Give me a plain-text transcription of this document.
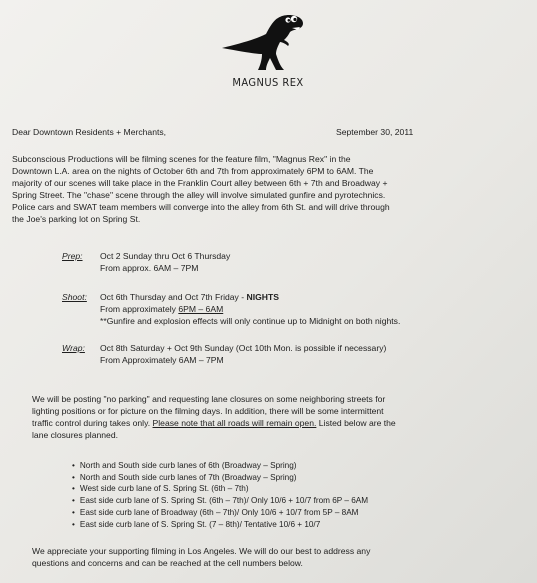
MAGNUS REX
Dear Downtown Residents + Merchants,	September 30, 2011
Subconscious Productions will be filming scenes for the feature film, "Magnus Rex" in the
Downtown L.A. area on the nights of October 6th and 7th from approximately 6PM to 6AM. The
majority of our scenes will take place in the Franklin Court alley between 6th + 7th and Broadway +
Spring Street. The "chase" scene through the alley will involve simulated gunfire and pyrotechnics.
Police cars and SWAT team members will converge into the alley from 6th St. and will drive through
the Joe's parking lot on Spring St.
Prep: Oct 2 Sunday thru Oct 6 Thursday
From approx. 6AM – 7PM
Shoot: Oct 6th Thursday and Oct 7th Friday - NIGHTS
From approximately 6PM – 6AM
**Gunfire and explosion effects will only continue up to Midnight on both nights.
Wrap: Oct 8th Saturday + Oct 9th Sunday (Oct 10th Mon. is possible if necessary)
From Approximately 6AM – 7PM
We will be posting "no parking" and requesting lane closures on some neighboring streets for
lighting positions or for picture on the filming days. In addition, there will be some intermittent
traffic control during takes only. Please note that all roads will remain open. Listed below are the
lane closures planned.
• North and South side curb lanes of 6th (Broadway – Spring)
• North and South side curb lanes of 7th (Broadway – Spring)
• West side curb lane of S. Spring St. (6th – 7th)
• East side curb lane of S. Spring St. (6th – 7th)/ Only 10/6 + 10/7 from 6P – 6AM
• East side curb lane of Broadway (6th – 7th)/ Only 10/6 + 10/7 from 5P – 8AM
• East side curb lane of S. Spring St. (7 – 8th)/ Tentative 10/6 + 10/7
We appreciate your supporting filming in Los Angeles. We will do our best to address any
questions and concerns and can be reached at the cell numbers below.
